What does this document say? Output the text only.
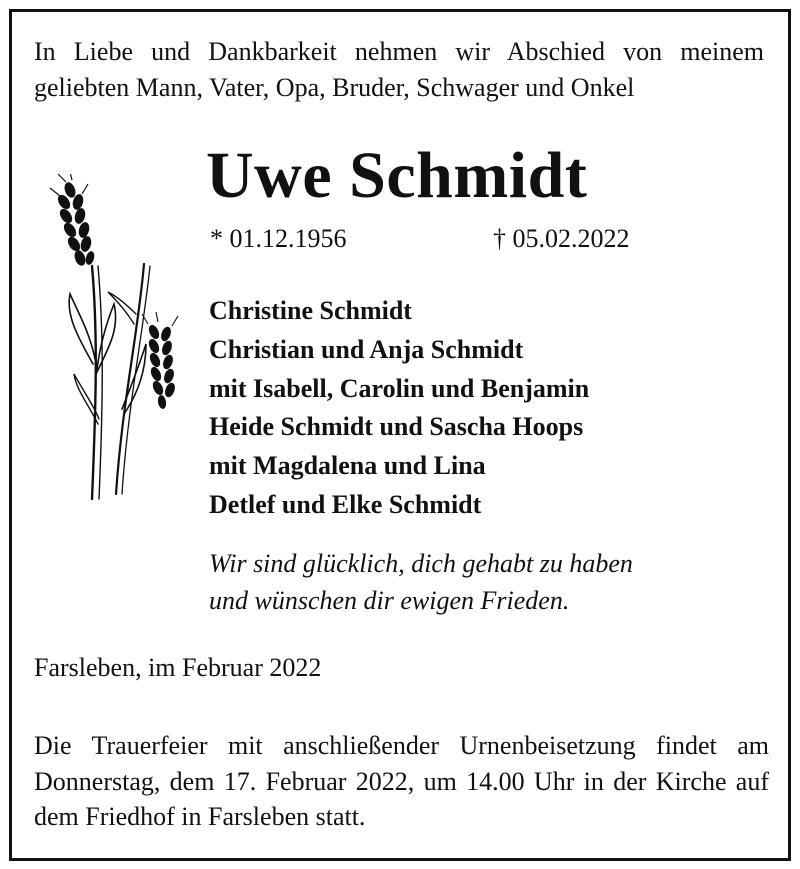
In Liebe und Dankbarkeit nehmen wir Abschied von meinem geliebten Mann, Vater, Opa, Bruder, Schwager und Onkel
Uwe Schmidt
* 01.12.1956	† 05.02.2022
Christine Schmidt
Christian und Anja Schmidt
mit Isabell, Carolin und Benjamin
Heide Schmidt und Sascha Hoops
mit Magdalena und Lina
Detlef und Elke Schmidt
Wir sind glücklich, dich gehabt zu haben
und wünschen dir ewigen Frieden.
Farsleben, im Februar 2022
Die Trauerfeier mit anschließender Urnenbeisetzung findet am Donnerstag, dem 17. Februar 2022, um 14.00 Uhr in der Kirche auf dem Friedhof in Farsleben statt.
